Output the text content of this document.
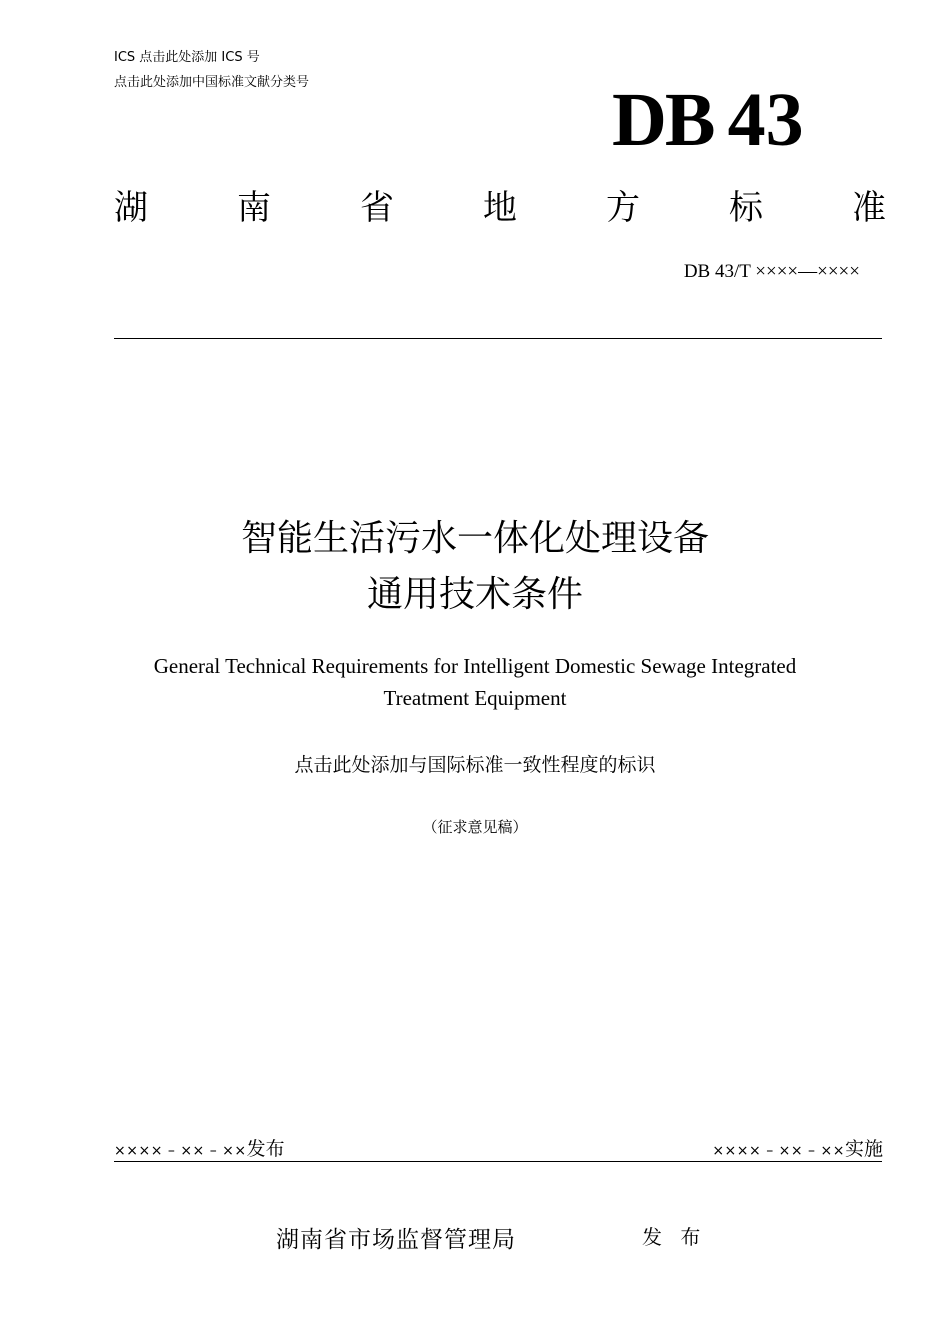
ICS 点击此处添加 ICS 号
点击此处添加中国标准文献分类号	DB 43
湖	南	省	地	方	标	准
DB 43/T ××××—××××
智能生活污水一体化处理设备
通用技术条件
General Technical Requirements for Intelligent Domestic Sewage Integrated
Treatment Equipment
点击此处添加与国际标准一致性程度的标识
（征求意见稿）
×××× – ×× – ××发布	×××× – ×× – ××实施
湖南省市场监督管理局	发 布
